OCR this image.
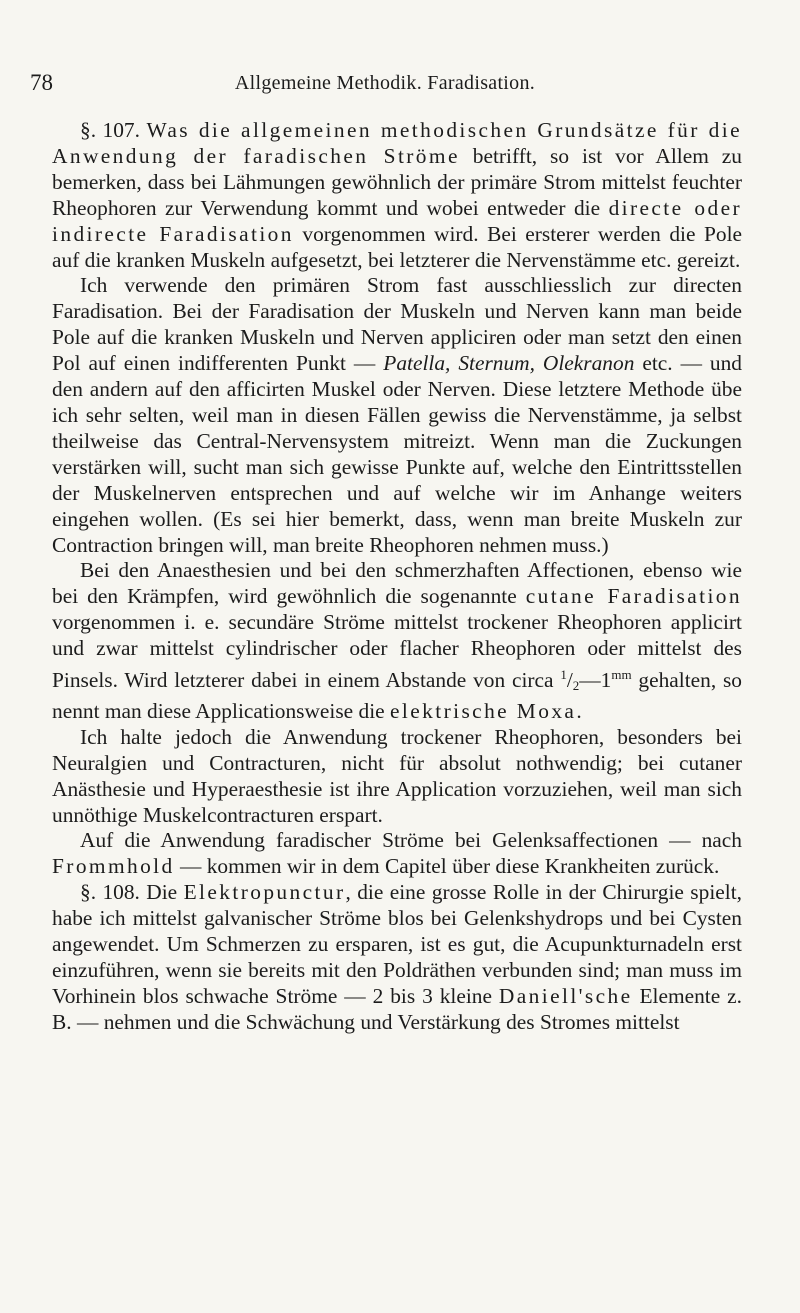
78	Allgemeine Methodik. Faradisation.

§. 107. Was die allgemeinen methodischen Grundsätze für die Anwendung der faradischen Ströme betrifft, so ist vor Allem zu bemerken, dass bei Lähmungen gewöhnlich der primäre Strom mittelst feuchter Rheophoren zur Verwendung kommt und wobei entweder die directe oder indirecte Faradisation vorgenommen wird. Bei ersterer werden die Pole auf die kranken Muskeln aufgesetzt, bei letzterer die Nervenstämme etc. gereizt.

Ich verwende den primären Strom fast ausschliesslich zur directen Faradisation. Bei der Faradisation der Muskeln und Nerven kann man beide Pole auf die kranken Muskeln und Nerven appliciren oder man setzt den einen Pol auf einen indifferenten Punkt — Patella, Sternum, Olekranon etc. — und den andern auf den afficirten Muskel oder Nerven. Diese letztere Methode übe ich sehr selten, weil man in diesen Fällen gewiss die Nervenstämme, ja selbst theilweise das Central-Nervensystem mitreizt. Wenn man die Zuckungen verstärken will, sucht man sich gewisse Punkte auf, welche den Eintrittsstellen der Muskelnerven entsprechen und auf welche wir im Anhange weiters eingehen wollen. (Es sei hier bemerkt, dass, wenn man breite Muskeln zur Contraction bringen will, man breite Rheophoren nehmen muss.)

Bei den Anaesthesien und bei den schmerzhaften Affectionen, ebenso wie bei den Krämpfen, wird gewöhnlich die sogenannte cutane Faradisation vorgenommen i. e. secundäre Ströme mittelst trockener Rheophoren applicirt und zwar mittelst cylindrischer oder flacher Rheophoren oder mittelst des Pinsels. Wird letzterer dabei in einem Abstande von circa $^1/_2—1^{mm}$ gehalten, so nennt man diese Applicationsweise die elektrische Moxa.

Ich halte jedoch die Anwendung trockener Rheophoren, besonders bei Neuralgien und Contracturen, nicht für absolut nothwendig; bei cutaner Anästhesie und Hyperaesthesie ist ihre Application vorzuziehen, weil man sich unnöthige Muskelcontracturen erspart.

Auf die Anwendung faradischer Ströme bei Gelenksaffectionen — nach Frommhold — kommen wir in dem Capitel über diese Krankheiten zurück.

§. 108. Die Elektropunctur, die eine grosse Rolle in der Chirurgie spielt, habe ich mittelst galvanischer Ströme blos bei Gelenkshydrops und bei Cysten angewendet. Um Schmerzen zu ersparen, ist es gut, die Acupunkturnadeln erst einzuführen, wenn sie bereits mit den Poldräthen verbunden sind; man muss im Vorhinein blos schwache Ströme — 2 bis 3 kleine Daniell'sche Elemente z. B. — nehmen und die Schwächung und Verstärkung des Stromes mittelst
